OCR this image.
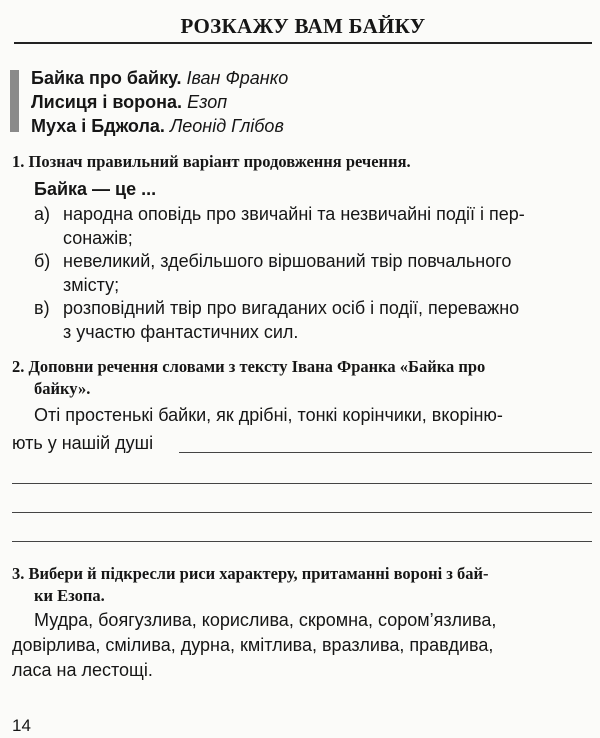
РОЗКАЖУ ВАМ БАЙКУ
Байка про байку. Іван Франко
Лисиця і ворона. Езоп
Муха і Бджола. Леонід Глібов
1. Познач правильний варіант продовження речення.
Байка — це ...
а) народна оповідь про звичайні та незвичайні події і пер-
сонажів;
б) невеликий, здебільшого віршований твір повчального
змісту;
в) розповідний твір про вигаданих осіб і події, переважно
з участю фантастичних сил.
2. Доповни речення словами з тексту Івана Франка «Байка про
байку».
Оті простенькі байки, як дрібні, тонкі корінчики, вкоріню-
ють у нашій душі
3. Вибери й підкресли риси характеру, притаманні вороні з бай-
ки Езопа.
Мудра, боягузлива, корислива, скромна, сором’язлива,
довірлива, смілива, дурна, кмітлива, вразлива, правдива,
ласа на лестощі.
14
